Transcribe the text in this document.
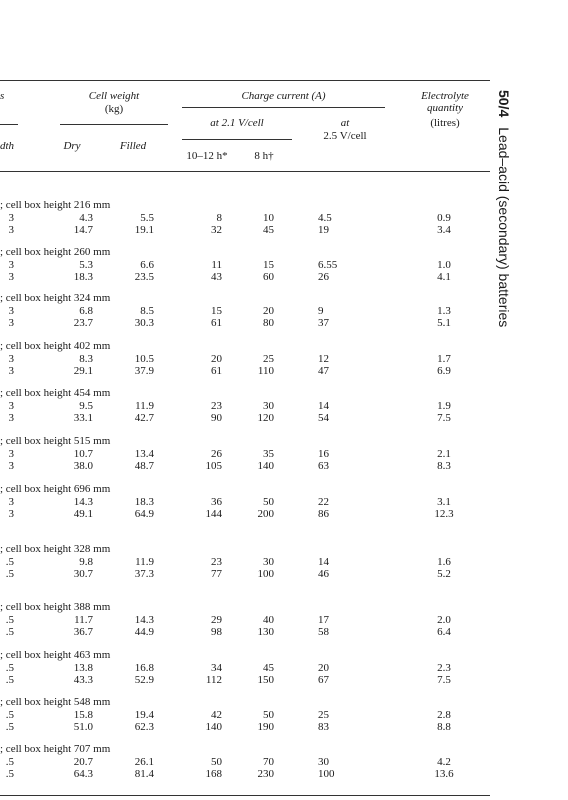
s	Cell weight
(kg)
Charge current (A)	Electrolyte
quantity
(litres)
at 2.1 V/cell	at
2.5 V/cell
dth	Dry	Filled
10–12 h*	8 h†
50/4Lead–acid (secondary) batteries
; cell box height 216 mm
3	4.3	5.5	8	10	4.5	0.9
3	14.7	19.1	32	45	19	3.4
; cell box height 260 mm
3	5.3	6.6	11	15	6.55	1.0
3	18.3	23.5	43	60	26	4.1
; cell box height 324 mm
3	6.8	8.5	15	20	9	1.3
3	23.7	30.3	61	80	37	5.1
; cell box height 402 mm
3	8.3	10.5	20	25	12	1.7
3	29.1	37.9	61	110	47	6.9
; cell box height 454 mm
3	9.5	11.9	23	30	14	1.9
3	33.1	42.7	90	120	54	7.5
; cell box height 515 mm
3	10.7	13.4	26	35	16	2.1
3	38.0	48.7	105	140	63	8.3
; cell box height 696 mm
3	14.3	18.3	36	50	22	3.1
3	49.1	64.9	144	200	86	12.3
; cell box height 328 mm
.5	9.8	11.9	23	30	14	1.6
.5	30.7	37.3	77	100	46	5.2
; cell box height 388 mm
.5	11.7	14.3	29	40	17	2.0
.5	36.7	44.9	98	130	58	6.4
; cell box height 463 mm
.5	13.8	16.8	34	45	20	2.3
.5	43.3	52.9	112	150	67	7.5
; cell box height 548 mm
.5	15.8	19.4	42	50	25	2.8
.5	51.0	62.3	140	190	83	8.8
; cell box height 707 mm
.5	20.7	26.1	50	70	30	4.2
.5	64.3	81.4	168	230	100	13.6
